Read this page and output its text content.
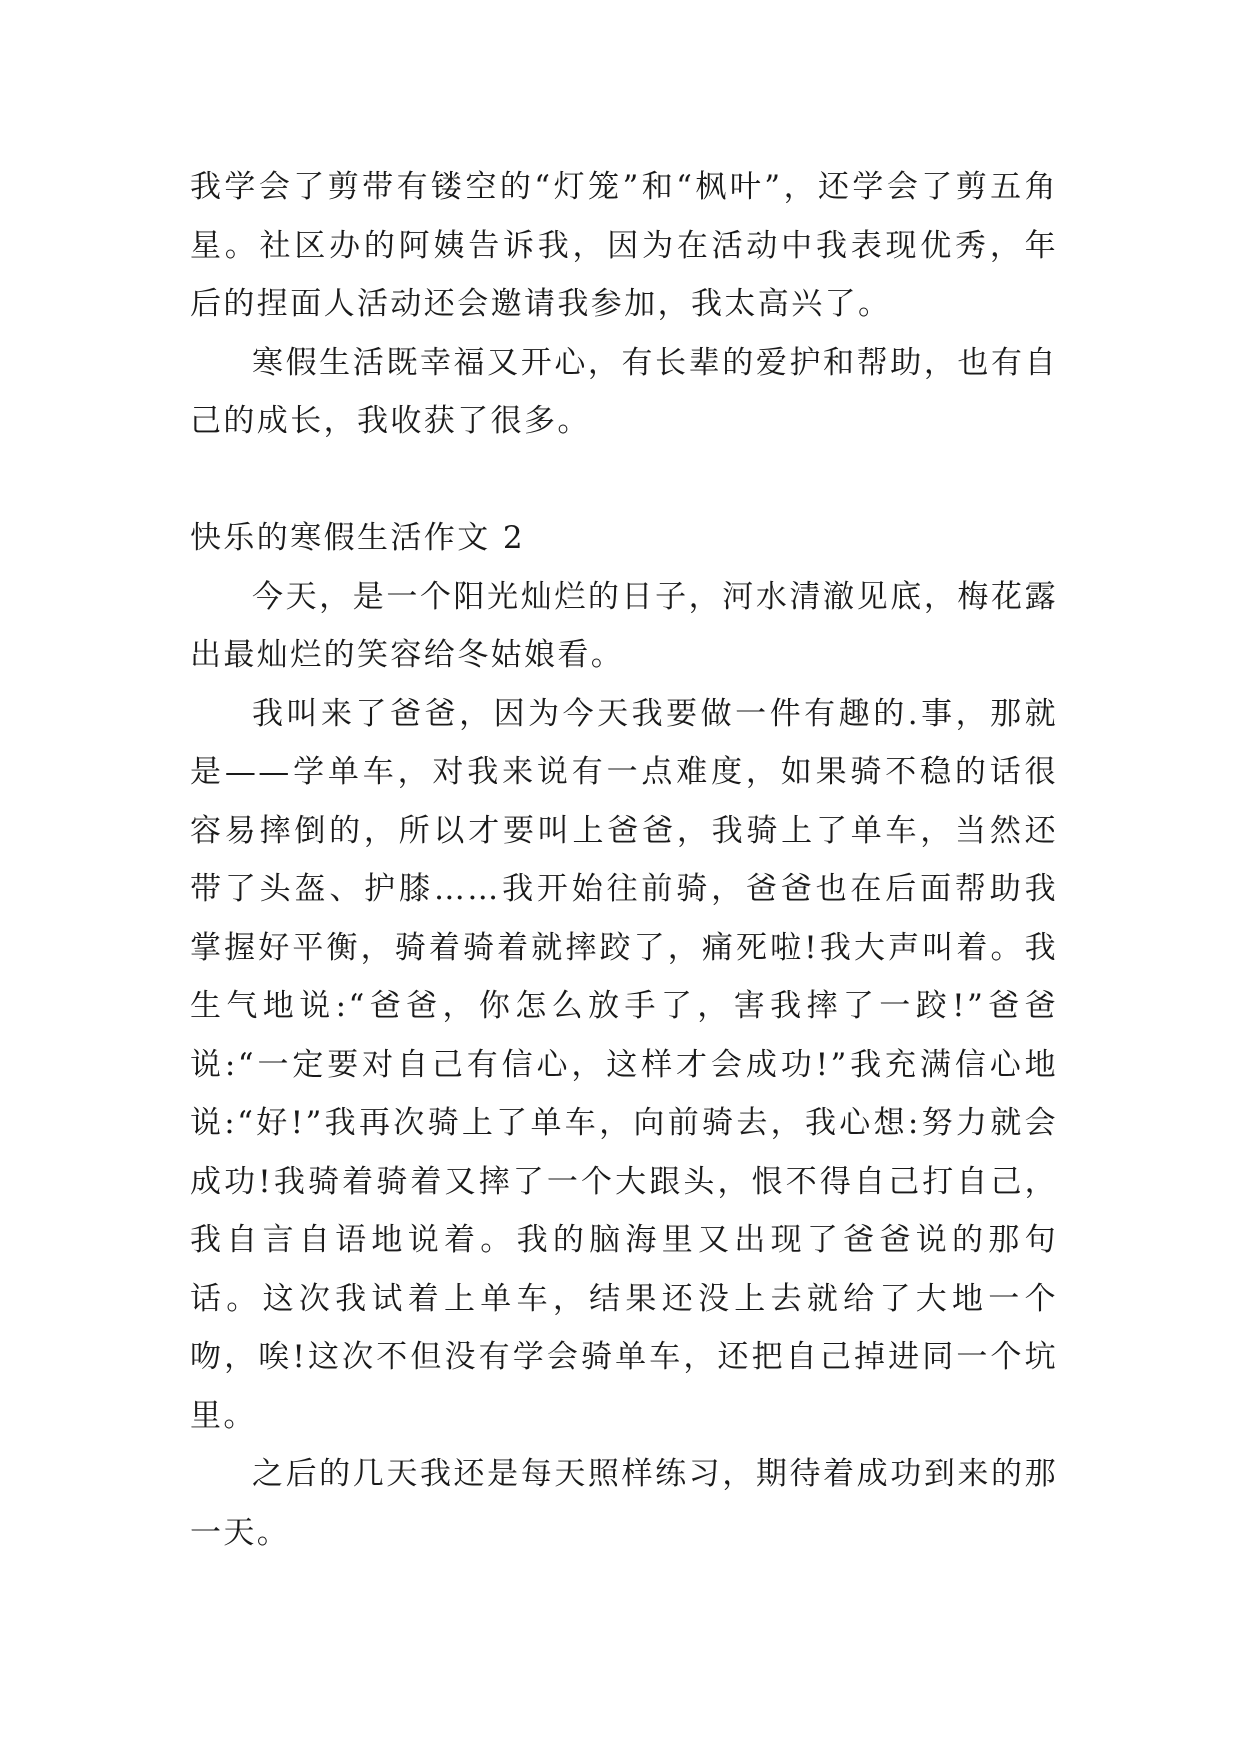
我学会了剪带有镂空的“灯笼”和“枫叶”，还学会了剪五角星。社区办的阿姨告诉我，因为在活动中我表现优秀，年后的捏面人活动还会邀请我参加，我太高兴了。

寒假生活既幸福又开心，有长辈的爱护和帮助，也有自己的成长，我收获了很多。

快乐的寒假生活作文 2

今天，是一个阳光灿烂的日子，河水清澈见底，梅花露出最灿烂的笑容给冬姑娘看。

我叫来了爸爸，因为今天我要做一件有趣的.事，那就是——学单车，对我来说有一点难度，如果骑不稳的话很容易摔倒的，所以才要叫上爸爸，我骑上了单车，当然还带了头盔、护膝……我开始往前骑，爸爸也在后面帮助我掌握好平衡，骑着骑着就摔跤了，痛死啦!我大声叫着。我生气地说:“爸爸，你怎么放手了，害我摔了一跤!”爸爸说:“一定要对自己有信心，这样才会成功!”我充满信心地说:“好!”我再次骑上了单车，向前骑去，我心想:努力就会成功!我骑着骑着又摔了一个大跟头，恨不得自己打自己，我自言自语地说着。我的脑海里又出现了爸爸说的那句话。这次我试着上单车，结果还没上去就给了大地一个吻，唉!这次不但没有学会骑单车，还把自己掉进同一个坑里。

之后的几天我还是每天照样练习，期待着成功到来的那一天。
